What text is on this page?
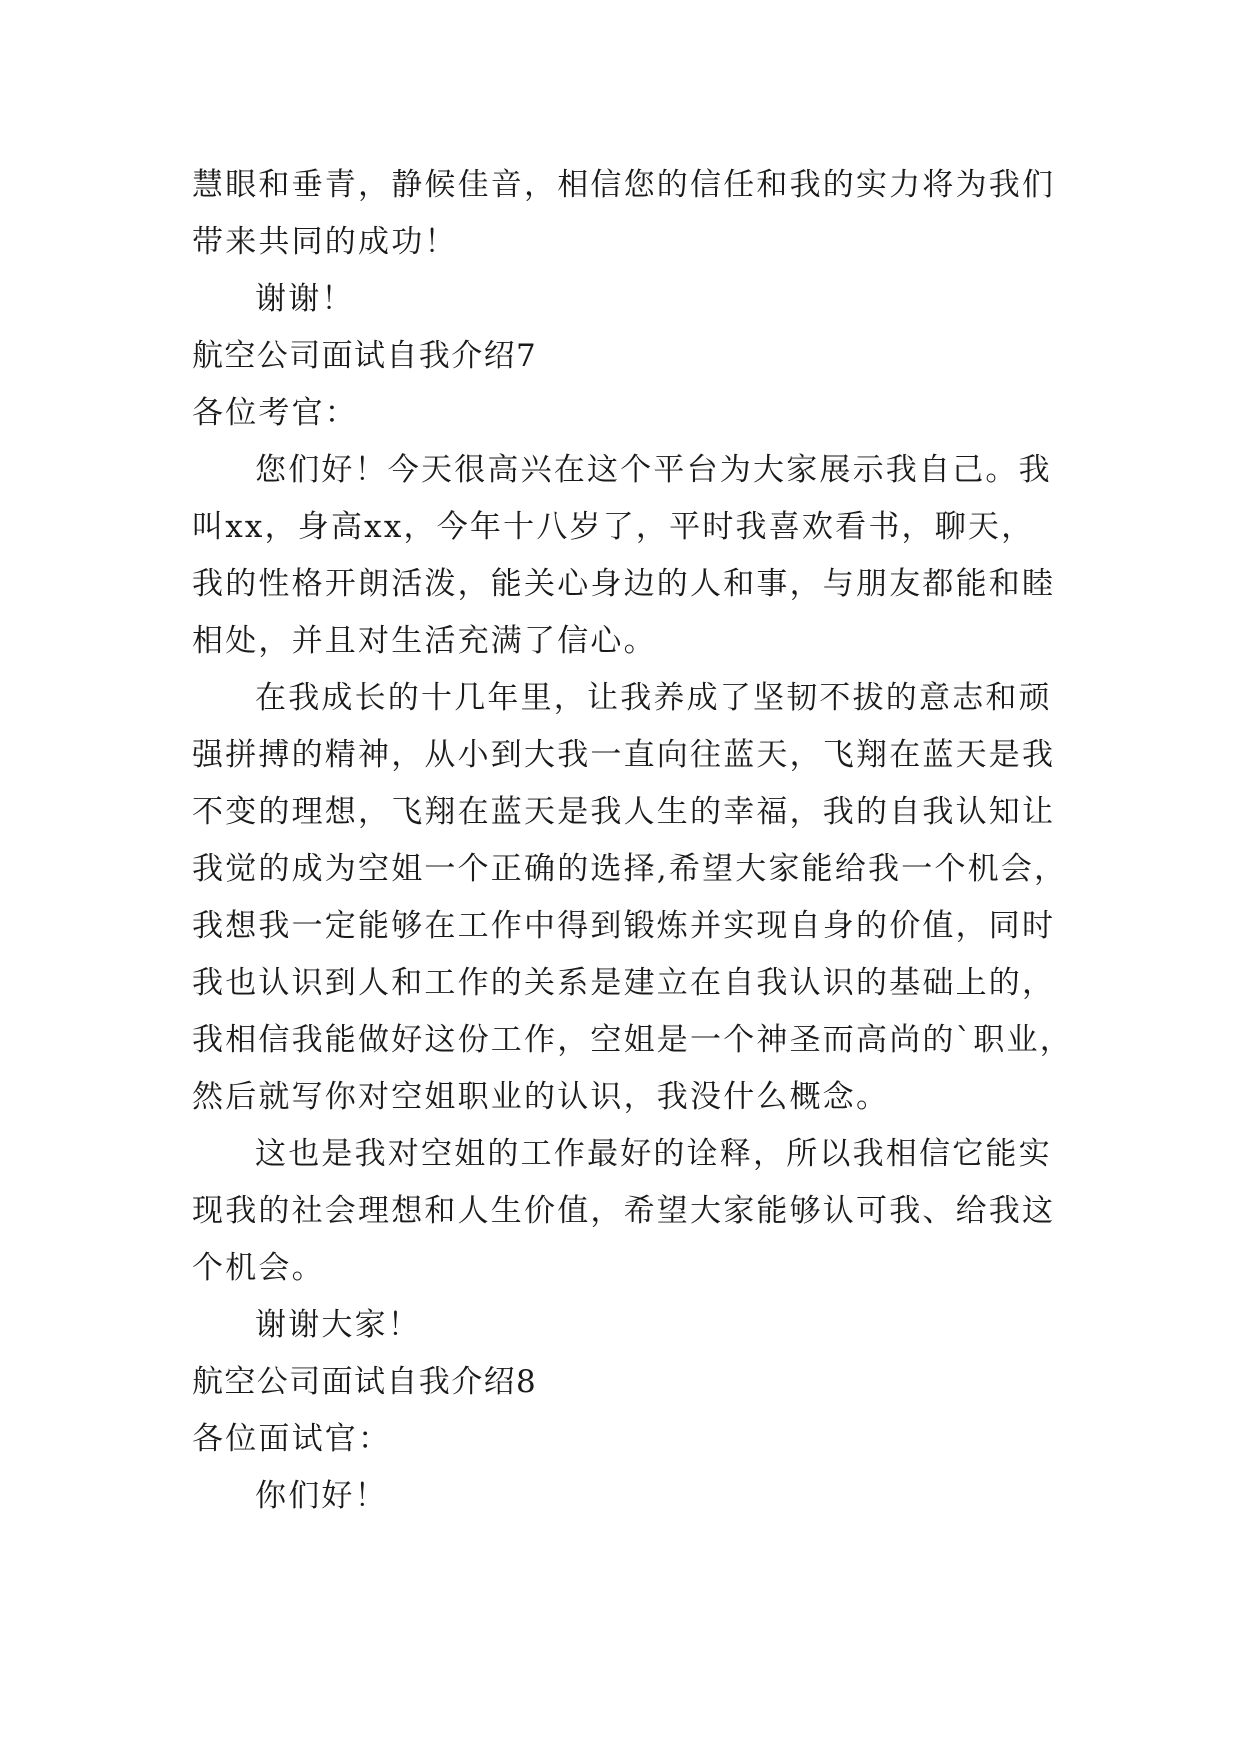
慧眼和垂青，静候佳音，相信您的信任和我的实力将为我们
带来共同的成功！
谢谢！
航空公司面试自我介绍7
各位考官：
您们好！今天很高兴在这个平台为大家展示我自己。我
叫xx，身高xx，今年十八岁了，平时我喜欢看书，聊天，
我的性格开朗活泼，能关心身边的人和事，与朋友都能和睦
相处，并且对生活充满了信心。
在我成长的十几年里，让我养成了坚韧不拔的意志和顽
强拼搏的精神，从小到大我一直向往蓝天，飞翔在蓝天是我
不变的理想，飞翔在蓝天是我人生的幸福，我的自我认知让
我觉的成为空姐一个正确的选择,希望大家能给我一个机会，
我想我一定能够在工作中得到锻炼并实现自身的价值，同时
我也认识到人和工作的关系是建立在自我认识的基础上的，
我相信我能做好这份工作，空姐是一个神圣而高尚的`职业，
然后就写你对空姐职业的认识，我没什么概念。
这也是我对空姐的工作最好的诠释，所以我相信它能实
现我的社会理想和人生价值，希望大家能够认可我、给我这
个机会。
谢谢大家！
航空公司面试自我介绍8
各位面试官：
你们好！
